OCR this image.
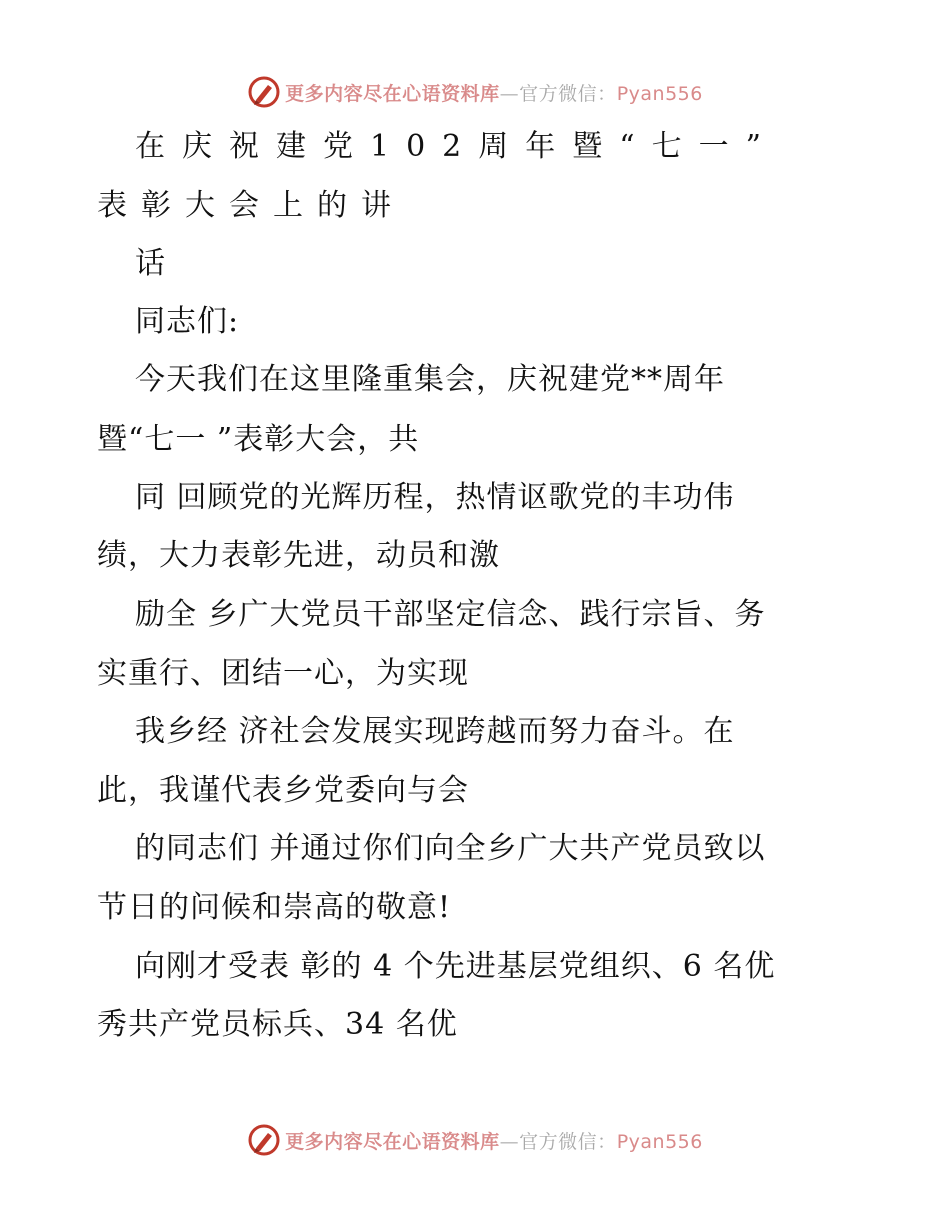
更多内容尽在心语资料库—官方微信：Pyan556
在庆祝建党102周年暨“七一”
表彰大会上的讲
话
同志们:
今天我们在这里隆重集会，庆祝建党**周年
暨“七一 ”表彰大会，共
同 回顾党的光辉历程，热情讴歌党的丰功伟
绩，大力表彰先进，动员和激
励全 乡广大党员干部坚定信念、践行宗旨、务
实重行、团结一心，为实现
我乡经 济社会发展实现跨越而努力奋斗。在
此，我谨代表乡党委向与会
的同志们 并通过你们向全乡广大共产党员致以
节日的问候和崇高的敬意!
向刚才受表 彰的 4 个先进基层党组织、6 名优
秀共产党员标兵、34 名优
更多内容尽在心语资料库—官方微信：Pyan556
